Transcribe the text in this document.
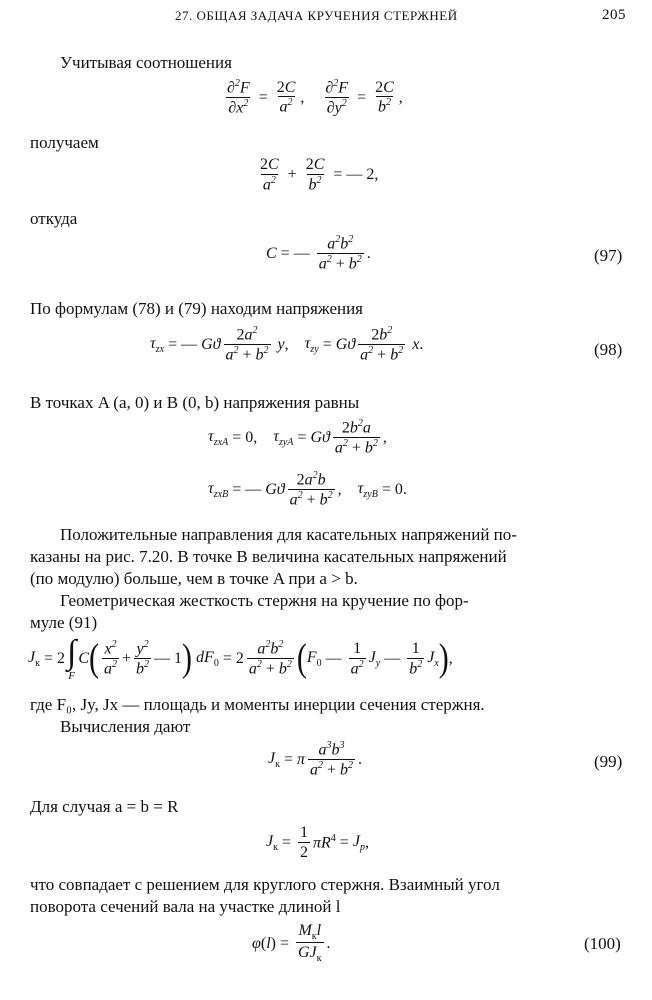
27. ОБЩАЯ ЗАДАЧА КРУЧЕНИЯ СТЕРЖНЕЙ	205
Учитывая соотношения
$\frac{\partial^2F}{\partial x^2} = \frac{2C}{a^2}$ , $\frac{\partial^2F}{\partial y^2} = \frac{2C}{b^2}$ ,
получаем
$\frac{2C}{a^2} + \frac{2C}{b^2}$ = — 2,
откуда
C = — $\frac{a^2b^2}{a^2 + b^2}$ .	(97)
По формулам (78) и (79) находим напряжения
$\tau_{zx}$ = — Gϑ $\frac{2a^2}{a^2 + b^2}$ y , $\tau_{zy} = Gϑ \frac{2b^2}{a^2 + b^2}$ x .	(98)
В точках A (a, 0) и B (0, b) напряжения равны
$\tau_{zxA} = 0$, $\tau_{zyA} = Gϑ \frac{2b^2a}{a^2 + b^2}$ ,
$\tau_{zxB}$ = — Gϑ $\frac{2a^2b}{a^2 + b^2}$ , $\tau_{zyB} = 0$.
Положительные направления для касательных напряжений по-
казаны на рис. 7.20. В точке B величина касательных напряжений
(по модулю) больше, чем в точке A при a > b.
Геометрическая жесткость стержня на кручение по фор-
муле (91)
$J_к = 2$ ∫
F
C ( $\frac{x^2}{a^2} + \frac{y^2}{b^2}$ — 1 ) $dF_0 = 2 \frac{a^2b^2}{a^2 + b^2}$ ( $F_0$ — $\frac{1}{a^2} J_y$ — $\frac{1}{b^2} J_x$ ) ,
где F₀, Jy, Jx — площадь и моменты инерции сечения стержня.
Вычисления дают
$J_к = \pi \frac{a^3b^3}{a^2 + b^2}$ .	(99)
Для случая a = b = R
$J_к = \frac{1}{2} \pi R^4 = J_p$ ,
что совпадает с решением для круглого стержня. Взаимный угол
поворота сечений вала на участке длиной l
φ ( l ) = $\frac{M_кl}{GJ_к}$ .	(100)
